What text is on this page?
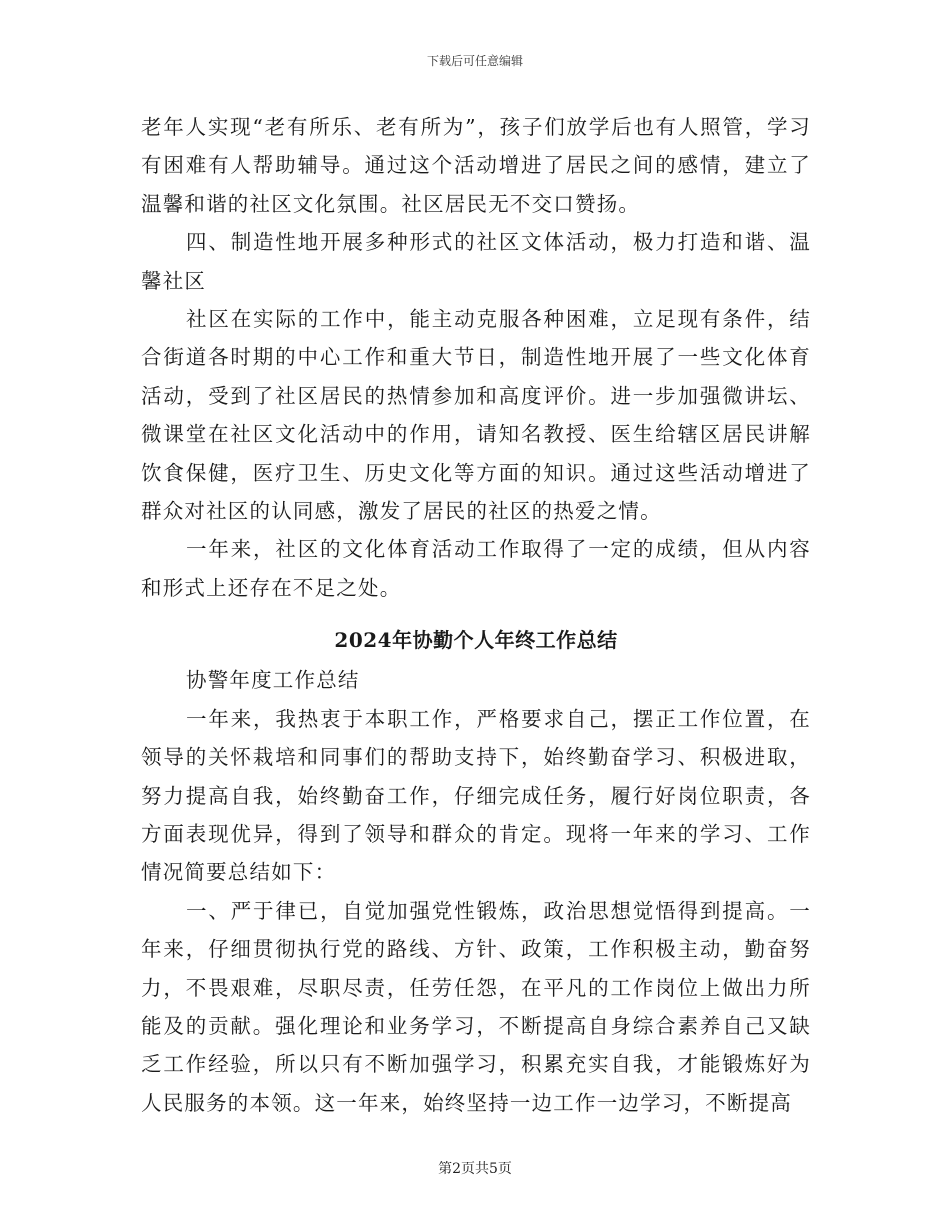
下载后可任意编辑

老年人实现“老有所乐、老有所为”，孩子们放学后也有人照管，学习有困难有人帮助辅导。通过这个活动增进了居民之间的感情，建立了温馨和谐的社区文化氛围。社区居民无不交口赞扬。

四、制造性地开展多种形式的社区文体活动，极力打造和谐、温馨社区

社区在实际的工作中，能主动克服各种困难，立足现有条件，结合街道各时期的中心工作和重大节日，制造性地开展了一些文化体育活动，受到了社区居民的热情参加和高度评价。进一步加强微讲坛、微课堂在社区文化活动中的作用，请知名教授、医生给辖区居民讲解饮食保健，医疗卫生、历史文化等方面的知识。通过这些活动增进了群众对社区的认同感，激发了居民的社区的热爱之情。

一年来，社区的文化体育活动工作取得了一定的成绩，但从内容和形式上还存在不足之处。

2024年协勤个人年终工作总结

协警年度工作总结

一年来，我热衷于本职工作，严格要求自己，摆正工作位置，在领导的关怀栽培和同事们的帮助支持下，始终勤奋学习、积极进取，努力提高自我，始终勤奋工作，仔细完成任务，履行好岗位职责，各方面表现优异，得到了领导和群众的肯定。现将一年来的学习、工作情况简要总结如下：

一、严于律已，自觉加强党性锻炼，政治思想觉悟得到提高。一年来，仔细贯彻执行党的路线、方针、政策，工作积极主动，勤奋努力，不畏艰难，尽职尽责，任劳任怨，在平凡的工作岗位上做出力所能及的贡献。强化理论和业务学习，不断提高自身综合素养自己又缺乏工作经验，所以只有不断加强学习，积累充实自我，才能锻炼好为人民服务的本领。这一年来，始终坚持一边工作一边学习，不断提高

第2页共5页
